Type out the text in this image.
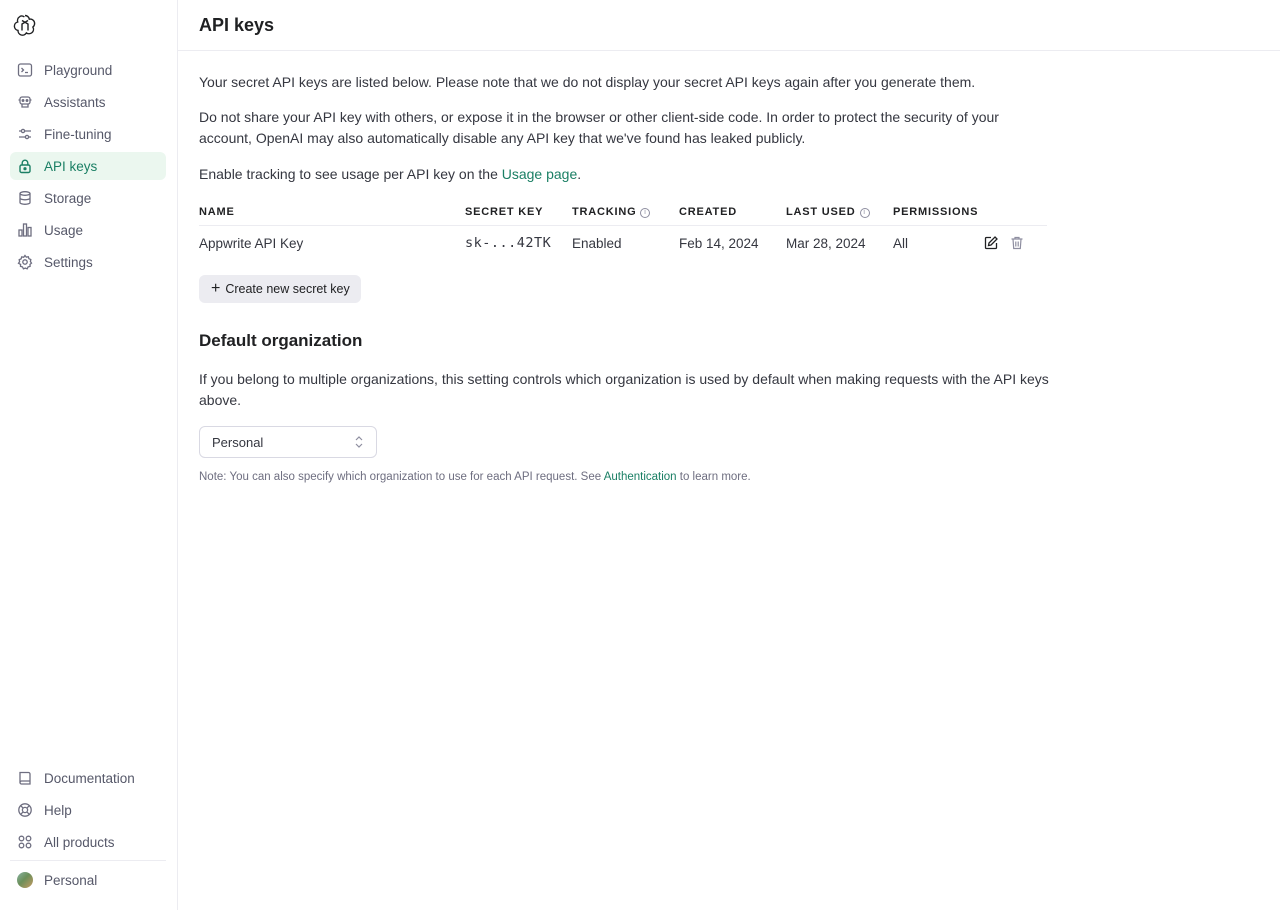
Playground
Assistants
Fine-tuning
API keys
Storage
Usage
Settings
Documentation
Help
All products
Personal
API keys

Your secret API keys are listed below. Please note that we do not display your secret API keys again after you generate them.

Do not share your API key with others, or expose it in the browser or other client-side code. In order to protect the security of your account, OpenAI may also automatically disable any API key that we've found has leaked publicly.

Enable tracking to see usage per API key on the Usage page.

NAME	SECRET KEY	TRACKING i	CREATED	LAST USED i	PERMISSIONS	
Appwrite API Key	sk-...42TK	Enabled	Feb 14, 2024	Mar 28, 2024	All	
+ Create new secret key
Default organization

If you belong to multiple organizations, this setting controls which organization is used by default when making requests with the API keys above.

Personal

Note: You can also specify which organization to use for each API request. See Authentication to learn more.
